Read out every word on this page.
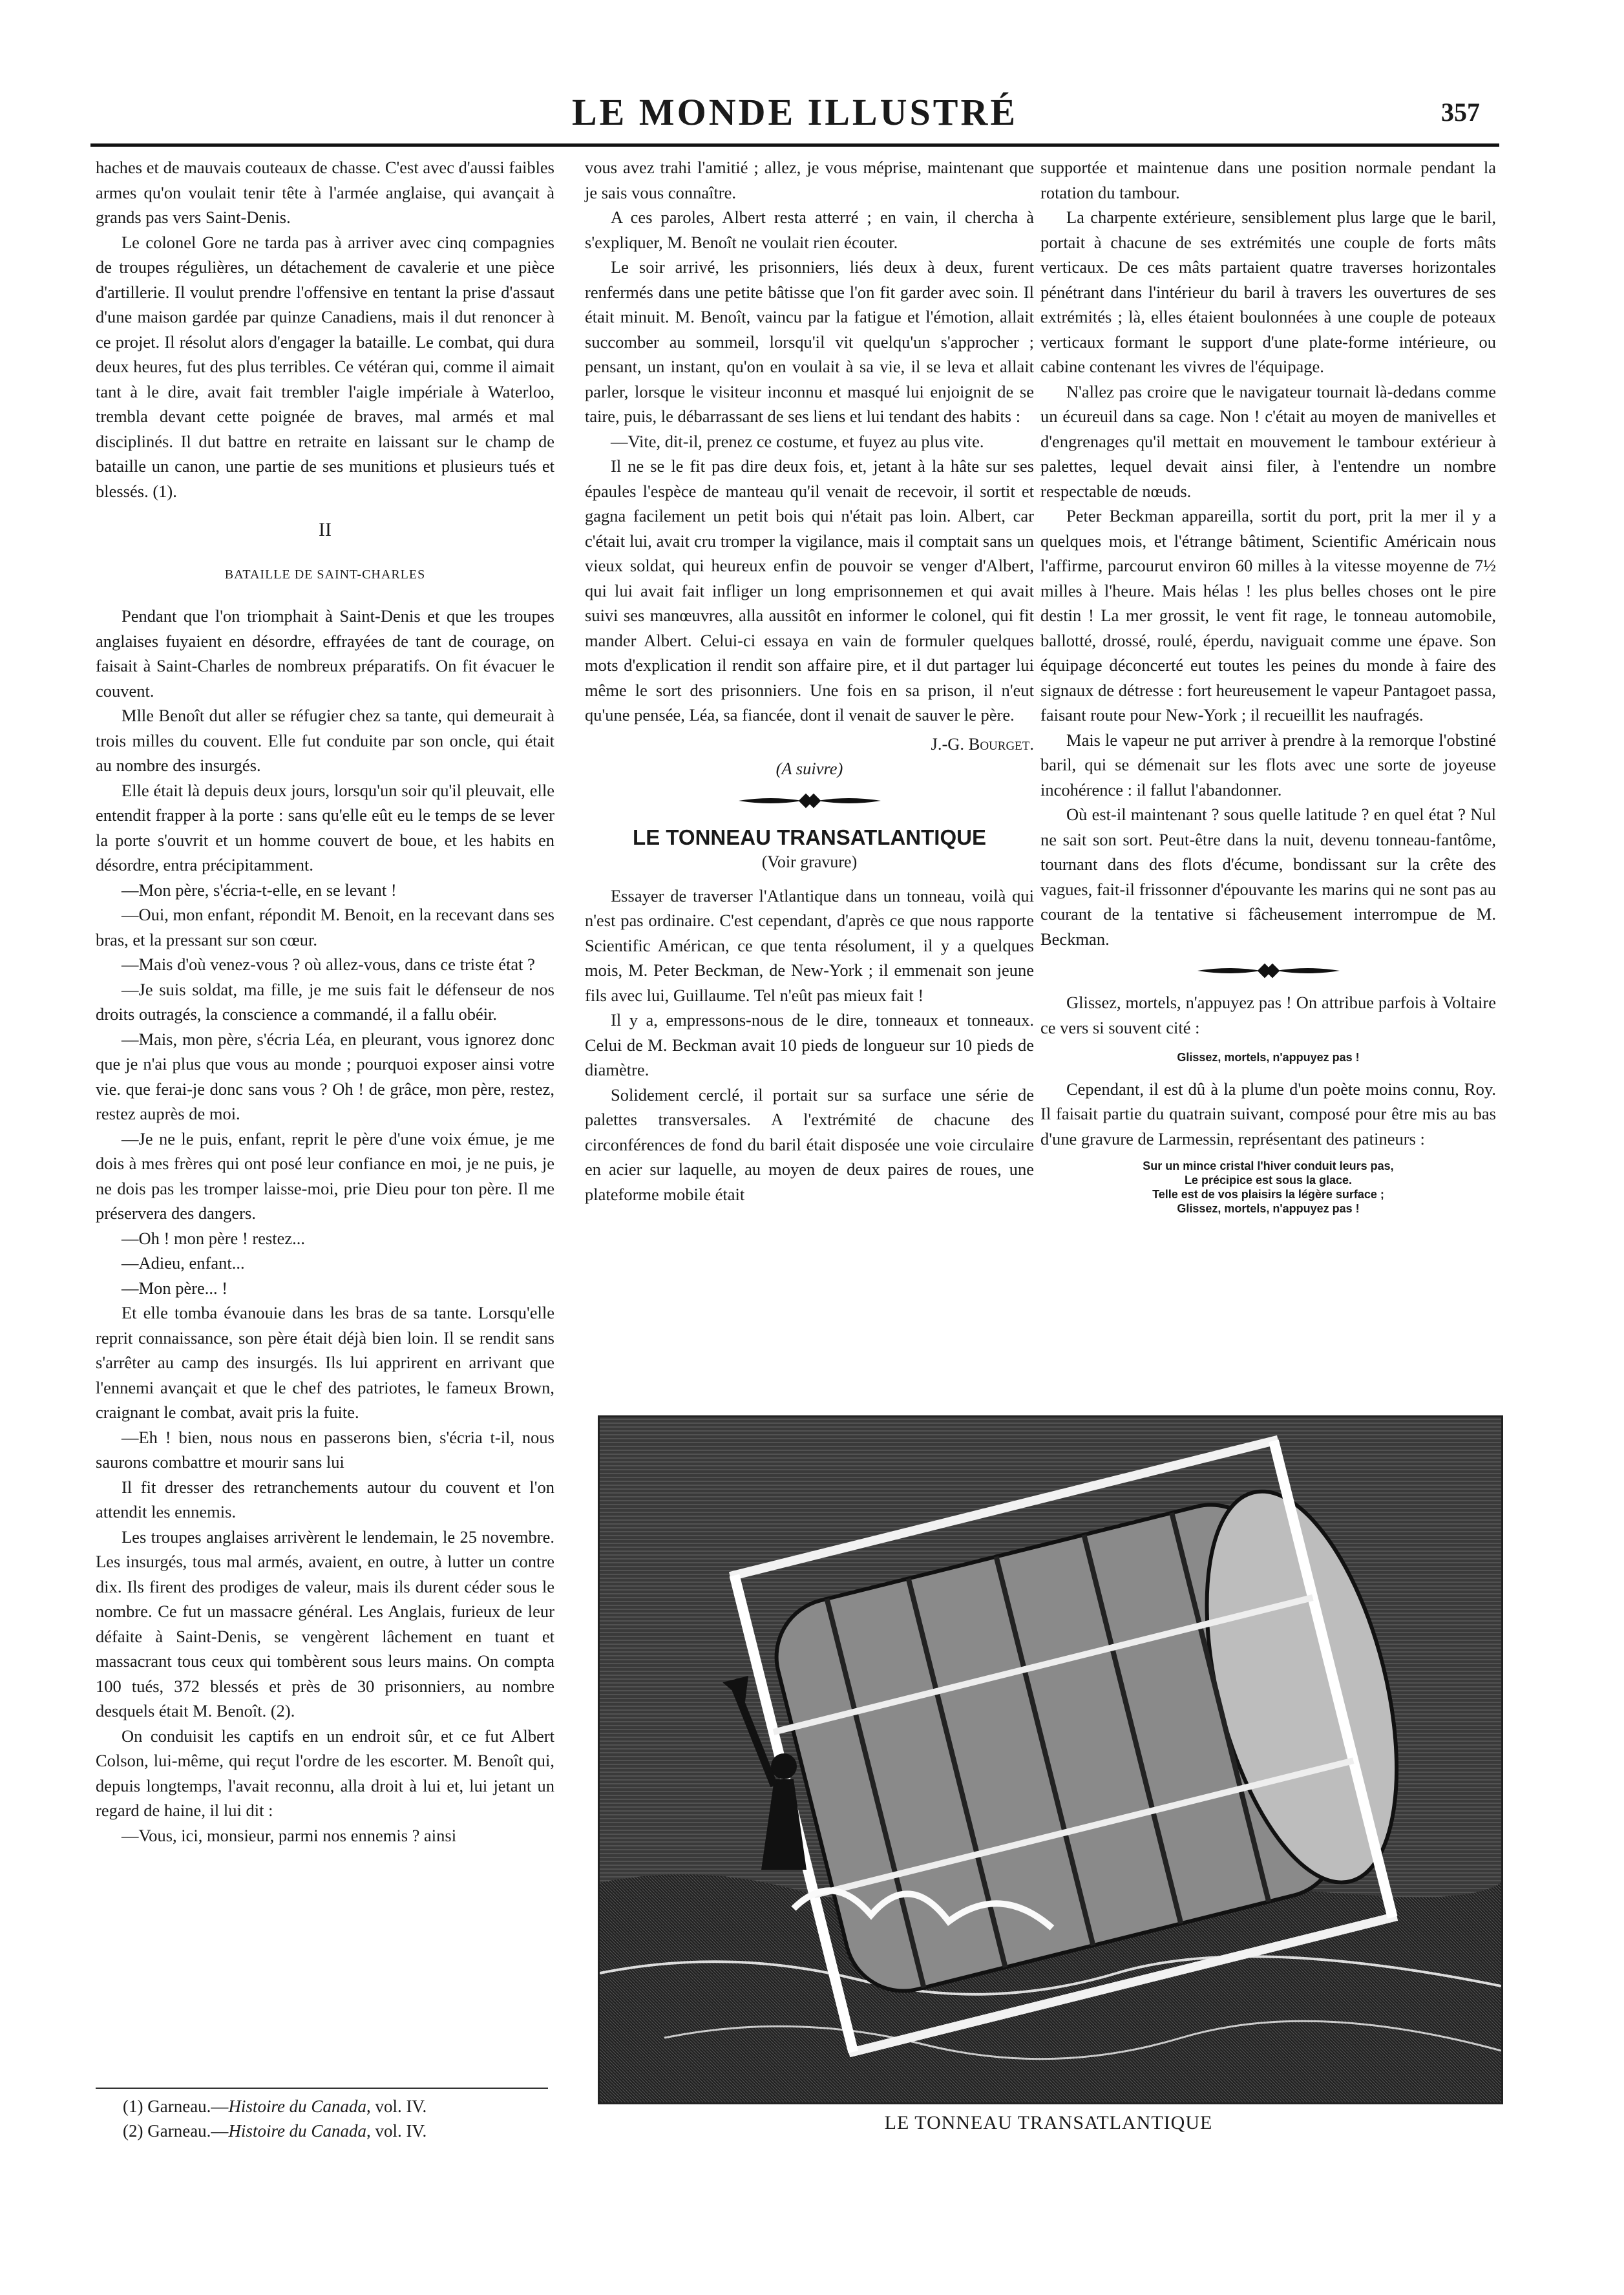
LE MONDE ILLUSTRÉ	357

haches et de mauvais couteaux de chasse. C'est avec d'aussi faibles armes qu'on voulait tenir tête à l'armée anglaise, qui avançait à grands pas vers Saint-Denis.

Le colonel Gore ne tarda pas à arriver avec cinq compagnies de troupes régulières, un détachement de cavalerie et une pièce d'artillerie. Il voulut prendre l'offensive en tentant la prise d'assaut d'une maison gardée par quinze Canadiens, mais il dut renoncer à ce projet. Il résolut alors d'engager la bataille. Le combat, qui dura deux heures, fut des plus terribles. Ce vétéran qui, comme il aimait tant à le dire, avait fait trembler l'aigle impériale à Waterloo, trembla devant cette poignée de braves, mal armés et mal disciplinés. Il dut battre en retraite en laissant sur le champ de bataille un canon, une partie de ses munitions et plusieurs tués et blessés. (1).

II
BATAILLE DE SAINT-CHARLES

Pendant que l'on triomphait à Saint-Denis et que les troupes anglaises fuyaient en désordre, effrayées de tant de courage, on faisait à Saint-Charles de nombreux préparatifs. On fit évacuer le couvent.

Mlle Benoît dut aller se réfugier chez sa tante, qui demeurait à trois milles du couvent. Elle fut conduite par son oncle, qui était au nombre des insurgés.

Elle était là depuis deux jours, lorsqu'un soir qu'il pleuvait, elle entendit frapper à la porte : sans qu'elle eût eu le temps de se lever la porte s'ouvrit et un homme couvert de boue, et les habits en désordre, entra précipitamment.

—Mon père, s'écria-t-elle, en se levant !

—Oui, mon enfant, répondit M. Benoit, en la recevant dans ses bras, et la pressant sur son cœur.

—Mais d'où venez-vous ? où allez-vous, dans ce triste état ?

—Je suis soldat, ma fille, je me suis fait le défenseur de nos droits outragés, la conscience a commandé, il a fallu obéir.

—Mais, mon père, s'écria Léa, en pleurant, vous ignorez donc que je n'ai plus que vous au monde ; pourquoi exposer ainsi votre vie. que ferai-je donc sans vous ? Oh ! de grâce, mon père, restez, restez auprès de moi.

—Je ne le puis, enfant, reprit le père d'une voix émue, je me dois à mes frères qui ont posé leur confiance en moi, je ne puis, je ne dois pas les tromper laisse-moi, prie Dieu pour ton père. Il me préservera des dangers.

—Oh ! mon père ! restez...

—Adieu, enfant...

—Mon père... !

Et elle tomba évanouie dans les bras de sa tante. Lorsqu'elle reprit connaissance, son père était déjà bien loin. Il se rendit sans s'arrêter au camp des insurgés. Ils lui apprirent en arrivant que l'ennemi avançait et que le chef des patriotes, le fameux Brown, craignant le combat, avait pris la fuite.

—Eh ! bien, nous nous en passerons bien, s'écria t-il, nous saurons combattre et mourir sans lui

Il fit dresser des retranchements autour du couvent et l'on attendit les ennemis.

Les troupes anglaises arrivèrent le lendemain, le 25 novembre. Les insurgés, tous mal armés, avaient, en outre, à lutter un contre dix. Ils firent des prodiges de valeur, mais ils durent céder sous le nombre. Ce fut un massacre général. Les Anglais, furieux de leur défaite à Saint-Denis, se vengèrent lâchement en tuant et massacrant tous ceux qui tombèrent sous leurs mains. On compta 100 tués, 372 blessés et près de 30 prisonniers, au nombre desquels était M. Benoît. (2).

On conduisit les captifs en un endroit sûr, et ce fut Albert Colson, lui-même, qui reçut l'ordre de les escorter. M. Benoît qui, depuis longtemps, l'avait reconnu, alla droit à lui et, lui jetant un regard de haine, il lui dit :

—Vous, ici, monsieur, parmi nos ennemis ? ainsi

(1) Garneau.—Histoire du Canada, vol. IV.
(2) Garneau.—Histoire du Canada, vol. IV.

vous avez trahi l'amitié ; allez, je vous méprise, maintenant que je sais vous connaître.

A ces paroles, Albert resta atterré ; en vain, il chercha à s'expliquer, M. Benoît ne voulait rien écouter.

Le soir arrivé, les prisonniers, liés deux à deux, furent renfermés dans une petite bâtisse que l'on fit garder avec soin. Il était minuit. M. Benoît, vaincu par la fatigue et l'émotion, allait succomber au sommeil, lorsqu'il vit quelqu'un s'approcher ; pensant, un instant, qu'on en voulait à sa vie, il se leva et allait parler, lorsque le visiteur inconnu et masqué lui enjoignit de se taire, puis, le débarrassant de ses liens et lui tendant des habits :

—Vite, dit-il, prenez ce costume, et fuyez au plus vite.

Il ne se le fit pas dire deux fois, et, jetant à la hâte sur ses épaules l'espèce de manteau qu'il venait de recevoir, il sortit et gagna facilement un petit bois qui n'était pas loin. Albert, car c'était lui, avait cru tromper la vigilance, mais il comptait sans un vieux soldat, qui heureux enfin de pouvoir se venger d'Albert, qui lui avait fait infliger un long emprisonnemen et qui avait suivi ses manœuvres, alla aussitôt en informer le colonel, qui fit mander Albert. Celui-ci essaya en vain de formuler quelques mots d'explication il rendit son affaire pire, et il dut partager lui même le sort des prisonniers. Une fois en sa prison, il n'eut qu'une pensée, Léa, sa fiancée, dont il venait de sauver le père.

J.-G. Bourget.
(A suivre)
LE TONNEAU TRANSATLANTIQUE
(Voir gravure)

Essayer de traverser l'Atlantique dans un tonneau, voilà qui n'est pas ordinaire. C'est cependant, d'après ce que nous rapporte Scientific Américan, ce que tenta résolument, il y a quelques mois, M. Peter Beckman, de New-York ; il emmenait son jeune fils avec lui, Guillaume. Tel n'eût pas mieux fait !

Il y a, empressons-nous de le dire, tonneaux et tonneaux. Celui de M. Beckman avait 10 pieds de longueur sur 10 pieds de diamètre.

Solidement cerclé, il portait sur sa surface une série de palettes transversales. A l'extrémité de chacune des circonférences de fond du baril était disposée une voie circulaire en acier sur laquelle, au moyen de deux paires de roues, une plateforme mobile était

supportée et maintenue dans une position normale pendant la rotation du tambour.

La charpente extérieure, sensiblement plus large que le baril, portait à chacune de ses extrémités une couple de forts mâts verticaux. De ces mâts partaient quatre traverses horizontales pénétrant dans l'intérieur du baril à travers les ouvertures de ses extrémités ; là, elles étaient boulonnées à une couple de poteaux verticaux formant le support d'une plate-forme intérieure, ou cabine contenant les vivres de l'équipage.

N'allez pas croire que le navigateur tournait là-dedans comme un écureuil dans sa cage. Non ! c'était au moyen de manivelles et d'engrenages qu'il mettait en mouvement le tambour extérieur à palettes, lequel devait ainsi filer, à l'entendre un nombre respectable de nœuds.

Peter Beckman appareilla, sortit du port, prit la mer il y a quelques mois, et l'étrange bâtiment, Scientific Américain nous l'affirme, parcourut environ 60 milles à la vitesse moyenne de 7½ milles à l'heure. Mais hélas ! les plus belles choses ont le pire destin ! La mer grossit, le vent fit rage, le tonneau automobile, ballotté, drossé, roulé, éperdu, naviguait comme une épave. Son équipage déconcerté eut toutes les peines du monde à faire des signaux de détresse : fort heureusement le vapeur Pantagoet passa, faisant route pour New-York ; il recueillit les naufragés.

Mais le vapeur ne put arriver à prendre à la remorque l'obstiné baril, qui se démenait sur les flots avec une sorte de joyeuse incohérence : il fallut l'abandonner.

Où est-il maintenant ? sous quelle latitude ? en quel état ? Nul ne sait son sort. Peut-être dans la nuit, devenu tonneau-fantôme, tournant dans des flots d'écume, bondissant sur la crête des vagues, fait-il frissonner d'épouvante les marins qui ne sont pas au courant de la tentative si fâcheusement interrompue de M. Beckman.

Glissez, mortels, n'appuyez pas ! On attribue parfois à Voltaire ce vers si souvent cité :

Glissez, mortels, n'appuyez pas !

Cependant, il est dû à la plume d'un poète moins connu, Roy. Il faisait partie du quatrain suivant, composé pour être mis au bas d'une gravure de Larmessin, représentant des patineurs :

Sur un mince cristal l'hiver conduit leurs pas,
Le précipice est sous la glace.
Telle est de vos plaisirs la légère surface ;
Glissez, mortels, n'appuyez pas !
LE TONNEAU TRANSATLANTIQUE
